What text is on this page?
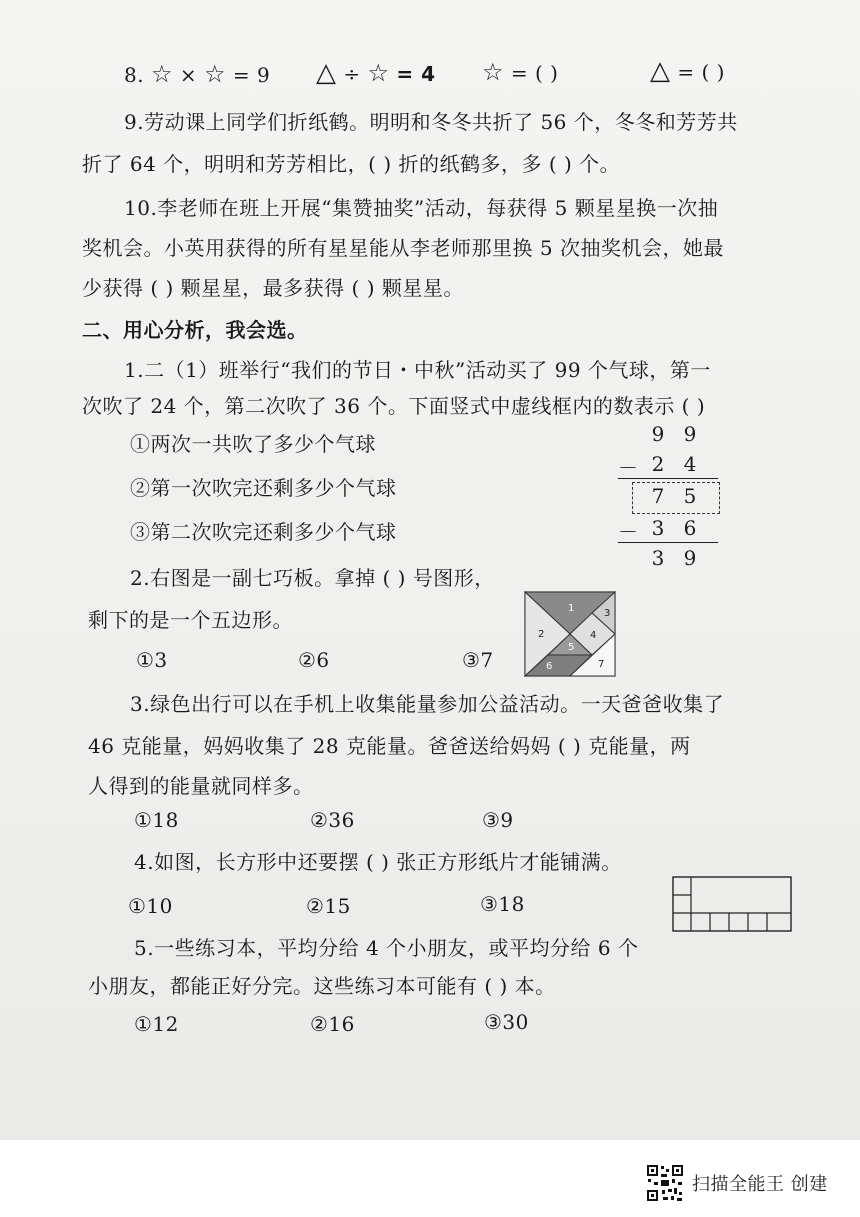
8. ☆ × ☆ = 9 △ ÷ ☆ = 4 ☆ = ( )	△ = ( )
9.劳动课上同学们折纸鹤。明明和冬冬共折了 56 个，冬冬和芳芳共
折了 64 个，明明和芳芳相比，( ) 折的纸鹤多，多 ( ) 个。
10.李老师在班上开展“集赞抽奖”活动，每获得 5 颗星星换一次抽
奖机会。小英用获得的所有星星能从李老师那里换 5 次抽奖机会，她最
少获得 ( ) 颗星星，最多获得 ( ) 颗星星。
二、用心分析，我会选。
1.二（1）班举行“我们的节日・中秋”活动买了 99 个气球，第一
次吹了 24 个，第二次吹了 36 个。下面竖式中虚线框内的数表示 ( )
①两次一共吹了多少个气球
②第一次吹完还剩多少个气球
③第二次吹完还剩多少个气球
9 9
－ 2 4
7 5
－ 3 6
3 9
2.右图是一副七巧板。拿掉 ( ) 号图形，
剩下的是一个五边形。
①3	②6	③7
1
2
3
4
5
6	7
3.绿色出行可以在手机上收集能量参加公益活动。一天爸爸收集了
46 克能量，妈妈收集了 28 克能量。爸爸送给妈妈 ( ) 克能量，两
人得到的能量就同样多。
①18	②36	③9
4.如图，长方形中还要摆 ( ) 张正方形纸片才能铺满。
①10	②15	③18
5.一些练习本，平均分给 4 个小朋友，或平均分给 6 个
小朋友，都能正好分完。这些练习本可能有 ( ) 本。
①12	②16	③30
扫描全能王 创建
